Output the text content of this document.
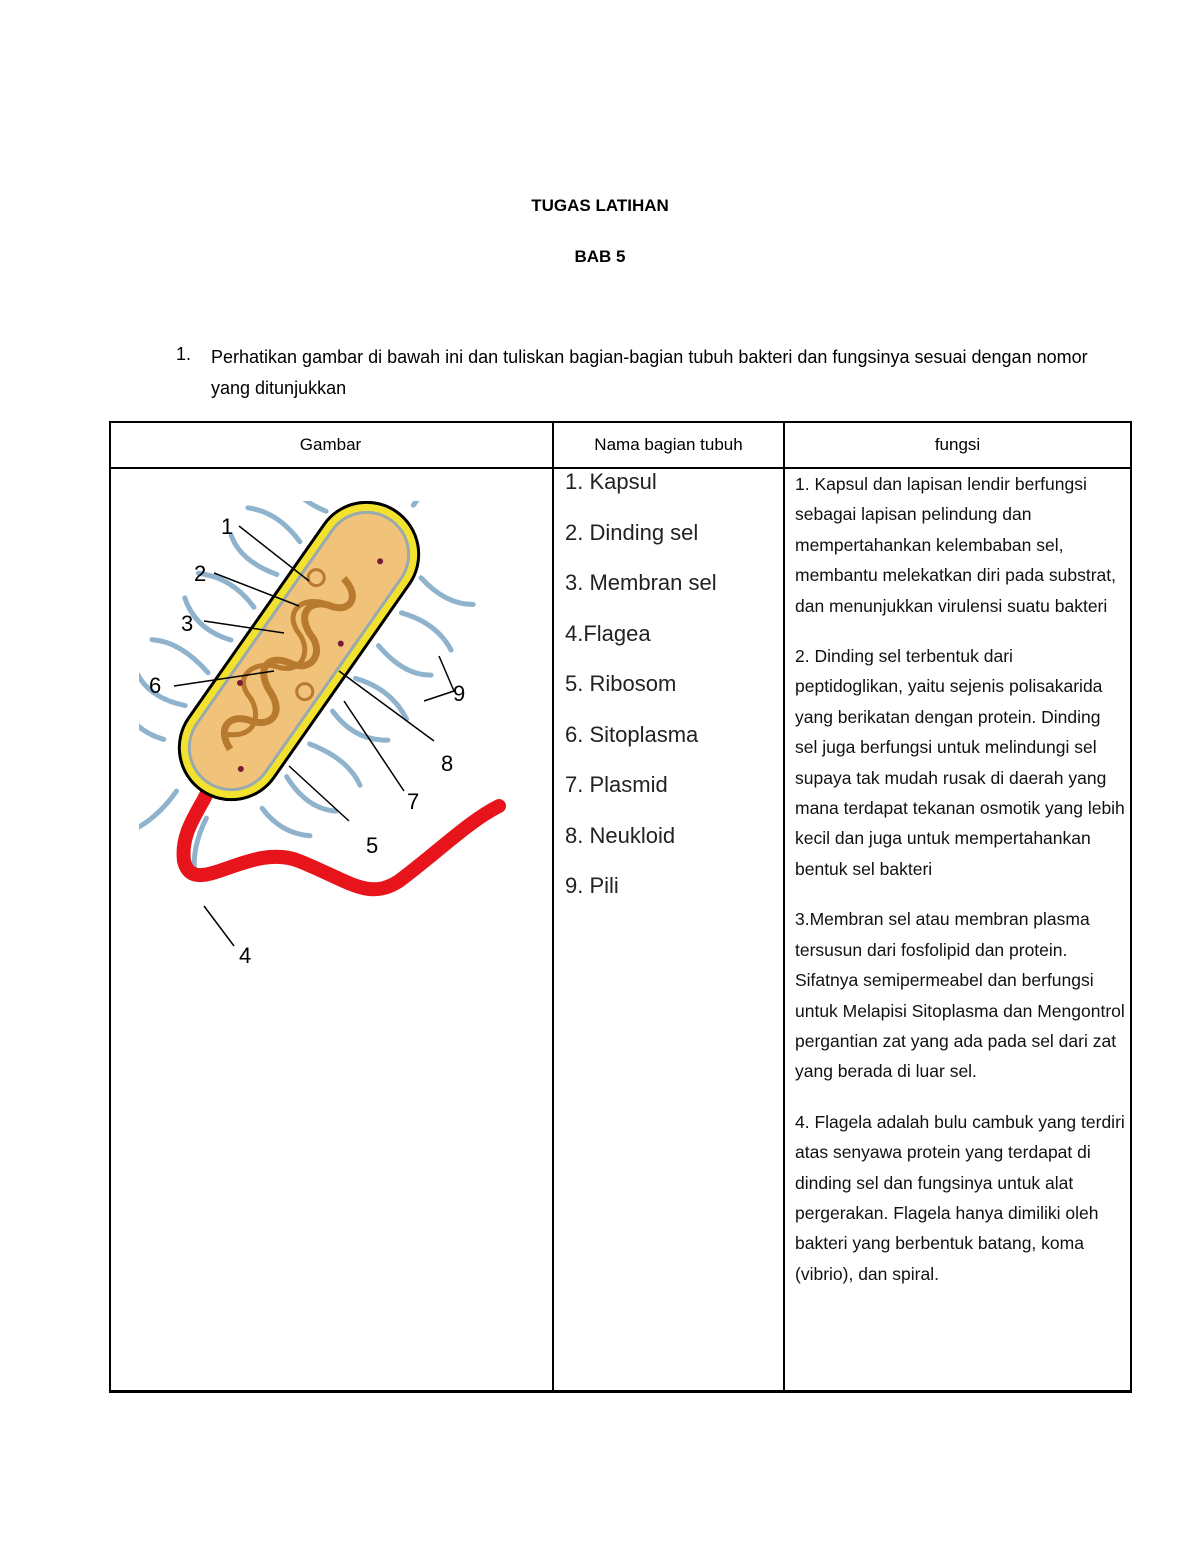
TUGAS LATIHAN
BAB 5
1. Perhatikan gambar di bawah ini dan tuliskan bagian-bagian tubuh bakteri dan fungsinya sesuai dengan nomor yang ditunjukkan
Gambar	Nama bagian tubuh	fungsi
1
2
3
4
5
6
7
8
9
1. Kapsul
2. Dinding sel
3. Membran sel
4.Flagea
5. Ribosom
6. Sitoplasma
7. Plasmid
8. Neukloid
9. Pili

1. Kapsul dan lapisan lendir berfungsi sebagai lapisan pelindung dan mempertahankan kelembaban sel, membantu melekatkan diri pada substrat, dan menunjukkan virulensi suatu bakteri

2. Dinding sel terbentuk dari peptidoglikan, yaitu sejenis polisakarida yang berikatan dengan protein. Dinding sel juga berfungsi untuk melindungi sel supaya tak mudah rusak di daerah yang mana terdapat tekanan osmotik yang lebih kecil dan juga untuk mempertahankan bentuk sel bakteri

3.Membran sel atau membran plasma tersusun dari fosfolipid dan protein. Sifatnya semipermeabel dan berfungsi untuk Melapisi Sitoplasma dan Mengontrol pergantian zat yang ada pada sel dari zat yang berada di luar sel.

4. Flagela adalah bulu cambuk yang terdiri atas senyawa protein yang terdapat di dinding sel dan fungsinya untuk alat pergerakan. Flagela hanya dimiliki oleh bakteri yang berbentuk batang, koma (vibrio), dan spiral.
